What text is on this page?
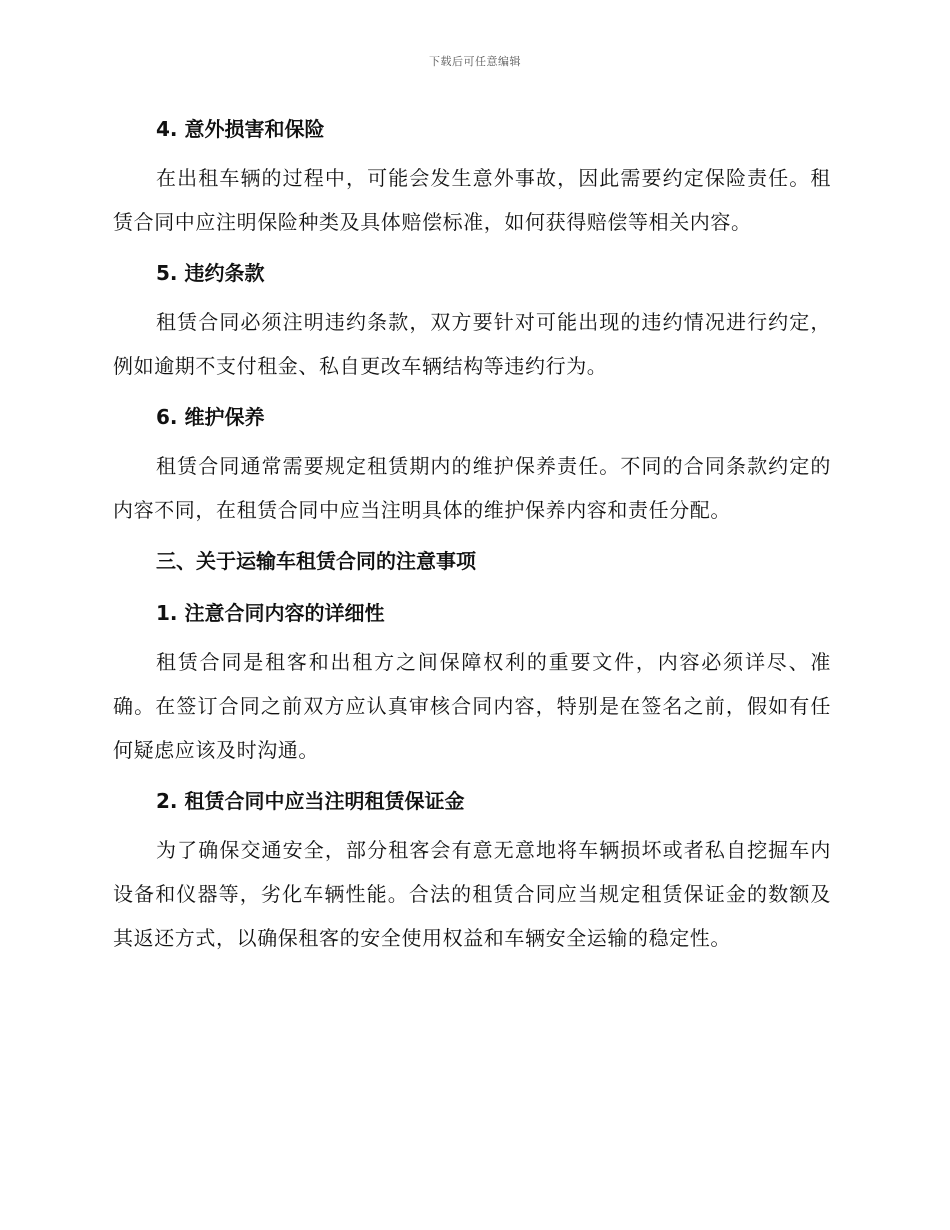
下载后可任意编辑
4. 意外损害和保险

在出租车辆的过程中，可能会发生意外事故，因此需要约定保险责任。租赁合同中应注明保险种类及具体赔偿标准，如何获得赔偿等相关内容。

5. 违约条款

租赁合同必须注明违约条款，双方要针对可能出现的违约情况进行约定，例如逾期不支付租金、私自更改车辆结构等违约行为。

6. 维护保养

租赁合同通常需要规定租赁期内的维护保养责任。不同的合同条款约定的内容不同，在租赁合同中应当注明具体的维护保养内容和责任分配。

三、关于运输车租赁合同的注意事项
1. 注意合同内容的详细性

租赁合同是租客和出租方之间保障权利的重要文件，内容必须详尽、准确。在签订合同之前双方应认真审核合同内容，特别是在签名之前，假如有任何疑虑应该及时沟通。

2. 租赁合同中应当注明租赁保证金

为了确保交通安全，部分租客会有意无意地将车辆损坏或者私自挖掘车内设备和仪器等，劣化车辆性能。合法的租赁合同应当规定租赁保证金的数额及其返还方式，以确保租客的安全使用权益和车辆安全运输的稳定性。
